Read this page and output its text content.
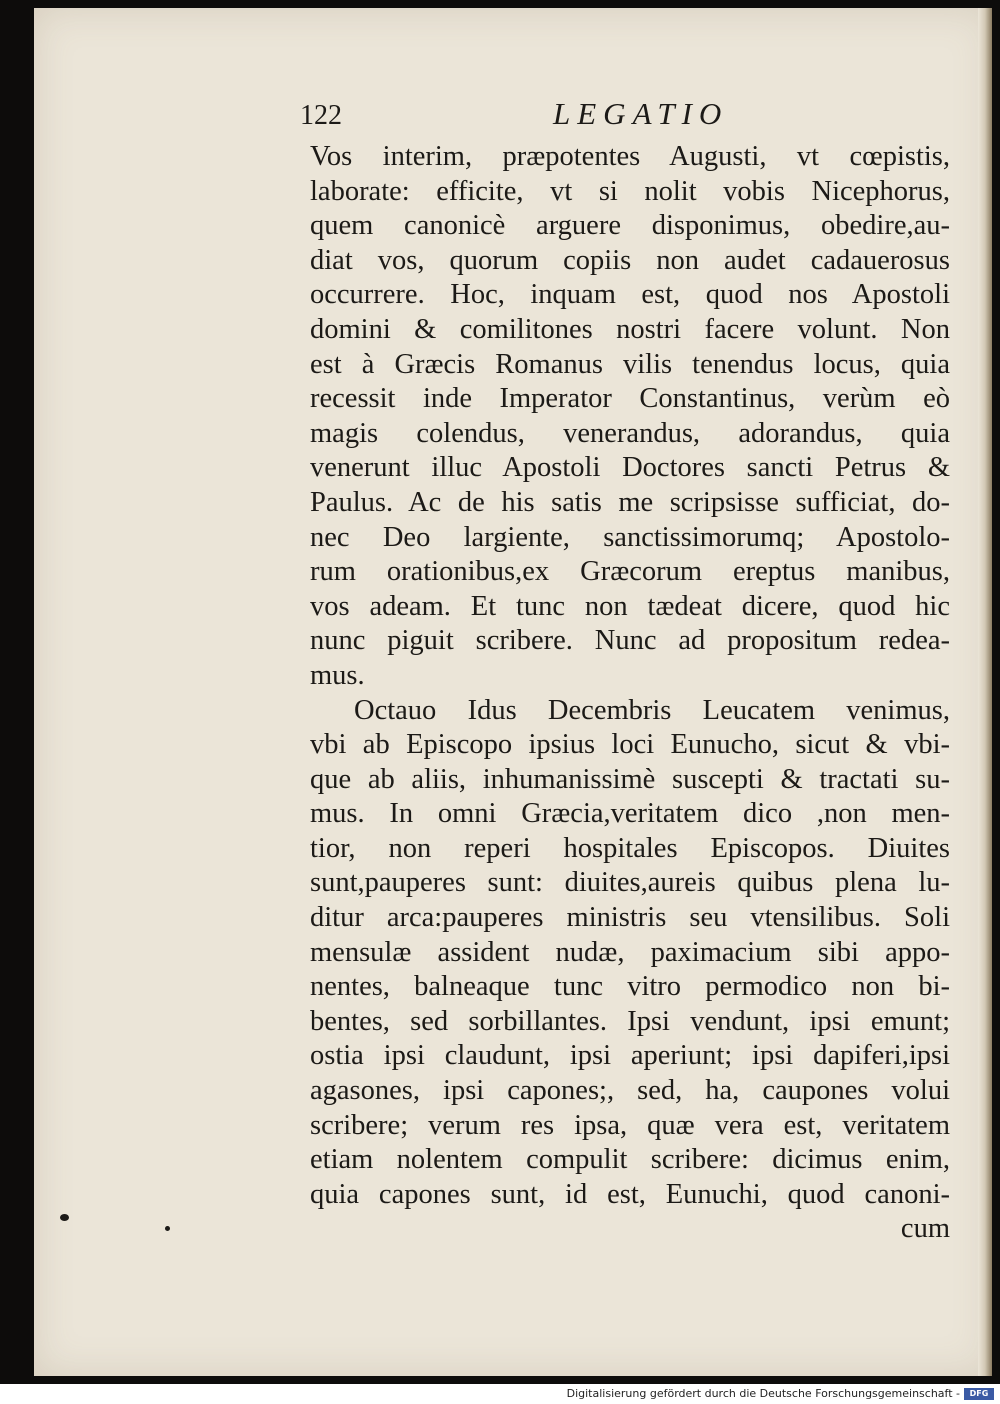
122	LEGATIO
Vos interim, præpotentes Augusti, vt cœpistis,
laborate: efficite, vt si nolit vobis Nicephorus,
quem canonicè arguere disponimus, obedire,au-
diat vos, quorum copiis non audet cadauerosus
occurrere. Hoc, inquam est, quod nos Apostoli
domini & comilitones nostri facere volunt. Non
est à Græcis Romanus vilis tenendus locus, quia
recessit inde Imperator Constantinus, verùm eò
magis colendus, venerandus, adorandus, quia
venerunt illuc Apostoli Doctores sancti Petrus &
Paulus. Ac de his satis me scripsisse sufficiat, do-
nec Deo largiente, sanctissimorumq; Apostolo-
rum orationibus,ex Græcorum ereptus manibus,
vos adeam. Et tunc non tædeat dicere, quod hic
nunc piguit scribere. Nunc ad propositum redea-
mus.
Octauo Idus Decembris Leucatem venimus,
vbi ab Episcopo ipsius loci Eunucho, sicut & vbi-
que ab aliis, inhumanissimè suscepti & tractati su-
mus. In omni Græcia,veritatem dico ,non men-
tior, non reperi hospitales Episcopos. Diuites
sunt,pauperes sunt: diuites,aureis quibus plena lu-
ditur arca:pauperes ministris seu vtensilibus. Soli
mensulæ assident nudæ, paximacium sibi appo-
nentes, balneaque tunc vitro permodico non bi-
bentes, sed sorbillantes. Ipsi vendunt, ipsi emunt;
ostia ipsi claudunt, ipsi aperiunt; ipsi dapiferi,ipsi
agasones, ipsi capones;, sed, ha, caupones volui
scribere; verum res ipsa, quæ vera est, veritatem
etiam nolentem compulit scribere: dicimus enim,
quia capones sunt, id est, Eunuchi, quod canoni-
cum
Digitalisierung gefördert durch die Deutsche Forschungsgemeinschaft -	DFG
